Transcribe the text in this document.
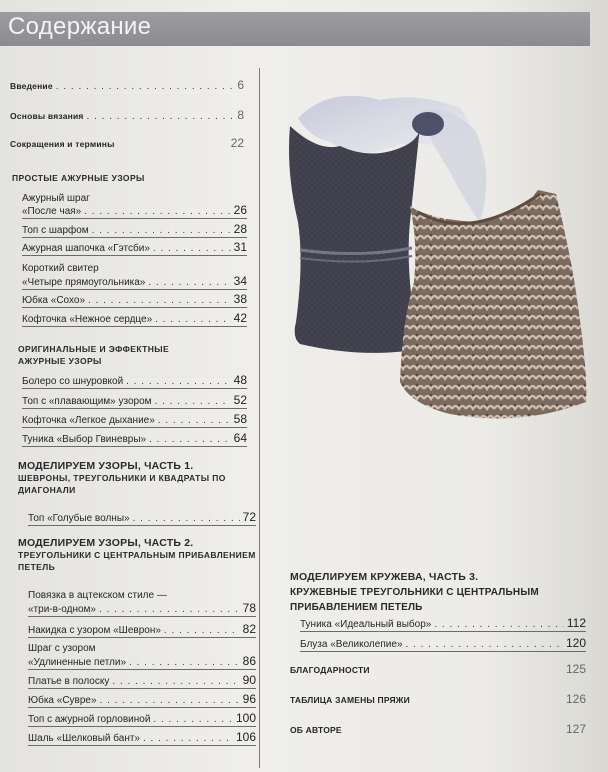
Содержание
Введение . . .	6
Основы вязания . . .	8
Сокращения и термины	22
ПРОСТЫЕ АЖУРНЫЕ УЗОРЫ
Ажурный шраг
«После чая» . . .	26
Топ с шарфом . . .	28
Ажурная шапочка «Гэтсби» . . .	31
Короткий свитер
«Четыре прямоугольника» . . .	34
Юбка «Сохо» . . .	38
Кофточка «Нежное сердце» . . .	42
ОРИГИНАЛЬНЫЕ И ЭФФЕКТНЫЕ
АЖУРНЫЕ УЗОРЫ
Болеро со шнуровкой . . .	48
Топ с «плавающим» узором . . .	52
Кофточка «Легкое дыхание» . . .	58
Туника «Выбор Гвиневры» . . .	64
МОДЕЛИРУЕМ УЗОРЫ, ЧАСТЬ 1.
ШЕВРОНЫ, ТРЕУГОЛЬНИКИ И КВАДРАТЫ ПО
ДИАГОНАЛИ
Топ «Голубые волны» . . .	72
МОДЕЛИРУЕМ УЗОРЫ, ЧАСТЬ 2.
ТРЕУГОЛЬНИКИ С ЦЕНТРАЛЬНЫМ ПРИБАВЛЕНИЕМ
ПЕТЕЛЬ
Повязка в ацтекском стиле —
«три-в-одном» . . .	78
Накидка с узором «Шеврон» . . .	82
Шраг с узором
«Удлиненные петли» . . .	86
Платье в полоску . . .	90
Юбка «Сувре» . . .	96
Топ с ажурной горловиной . . .	100
Шаль «Шелковый бант» . . .	106
МОДЕЛИРУЕМ КРУЖЕВА, ЧАСТЬ 3.
КРУЖЕВНЫЕ ТРЕУГОЛЬНИКИ С ЦЕНТРАЛЬНЫМ
ПРИБАВЛЕНИЕМ ПЕТЕЛЬ
Туника «Идеальный выбор» . . .	112
Блуза «Великолепие» . . .	120
БЛАГОДАРНОСТИ	125
ТАБЛИЦА ЗАМЕНЫ ПРЯЖИ	126
ОБ АВТОРЕ	127
